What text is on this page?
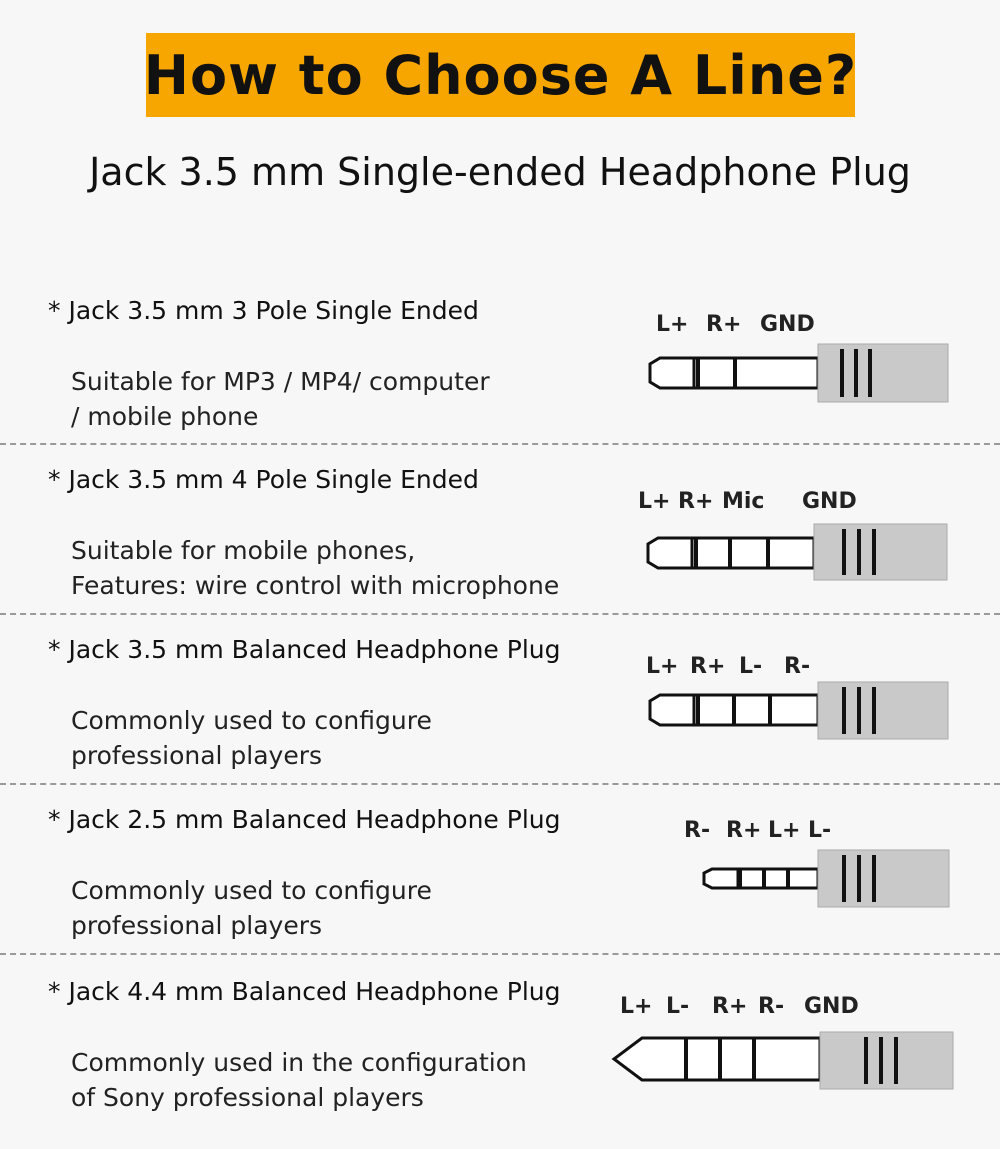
How to Choose A Line?
Jack 3.5 mm Single-ended Headphone Plug
* Jack 3.5 mm 3 Pole Single Ended
Suitable for MP3 / MP4/ computer
/ mobile phone
L+ R+ GND
* Jack 3.5 mm 4 Pole Single Ended
Suitable for mobile phones,
Features: wire control with microphone
L+ R+ Mic GND
* Jack 3.5 mm Balanced Headphone Plug
Commonly used to configure
professional players
L+ R+ L- R-
* Jack 2.5 mm Balanced Headphone Plug
Commonly used to configure
professional players
R- R+ L+ L-
* Jack 4.4 mm Balanced Headphone Plug
Commonly used in the configuration
of Sony professional players
L+ L- R+ R- GND
